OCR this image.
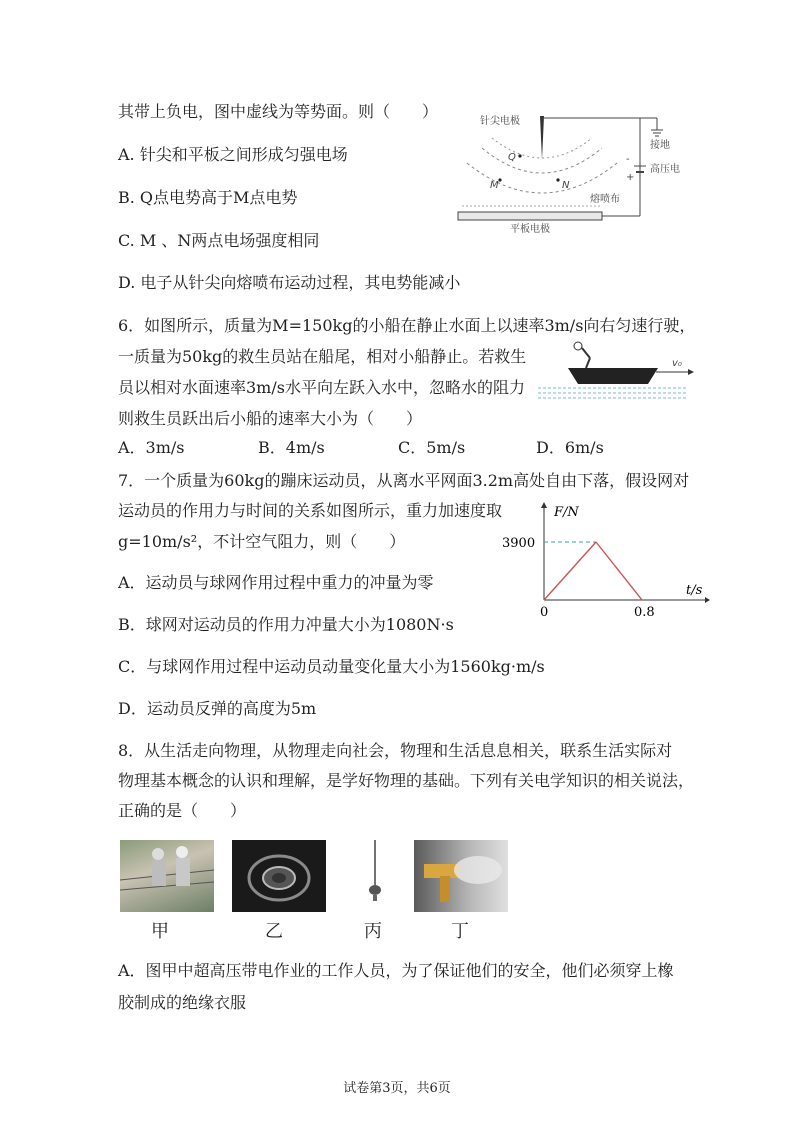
其带上负电，图中虚线为等势面。则（　　）
A. 针尖和平板之间形成匀强电场
B. Q点电势高于M点电势
C. M 、N两点电场强度相同
D. 电子从针尖向熔喷布运动过程，其电势能减小
针尖电极
接地
-
+
高压电
Q
M	N
熔喷布
平板电极
6．如图所示，质量为M=150kg的小船在静止水面上以速率3m/s向右匀速行驶，
一质量为50kg的救生员站在船尾，相对小船静止。若救生
员以相对水面速率3m/s水平向左跃入水中，忽略水的阻力
则救生员跃出后小船的速率大小为（　　）
A．3m/s	B．4m/s	C．5m/s	D．6m/s
v₀
7．一个质量为60kg的蹦床运动员，从离水平网面3.2m高处自由下落，假设网对
运动员的作用力与时间的关系如图所示，重力加速度取
g=10m/s²，不计空气阻力，则（　　）
A．运动员与球网作用过程中重力的冲量为零
B．球网对运动员的作用力冲量大小为1080N·s
C．与球网作用过程中运动员动量变化量大小为1560kg·m/s
D．运动员反弹的高度为5m
F/N
t/s
3900
0	0.8
8．从生活走向物理，从物理走向社会，物理和生活息息相关，联系生活实际对
物理基本概念的认识和理解，是学好物理的基础。下列有关电学知识的相关说法，
正确的是（　　）
甲	乙	丙	丁
A．图甲中超高压带电作业的工作人员，为了保证他们的安全，他们必须穿上橡
胶制成的绝缘衣服
试卷第3页，共6页
